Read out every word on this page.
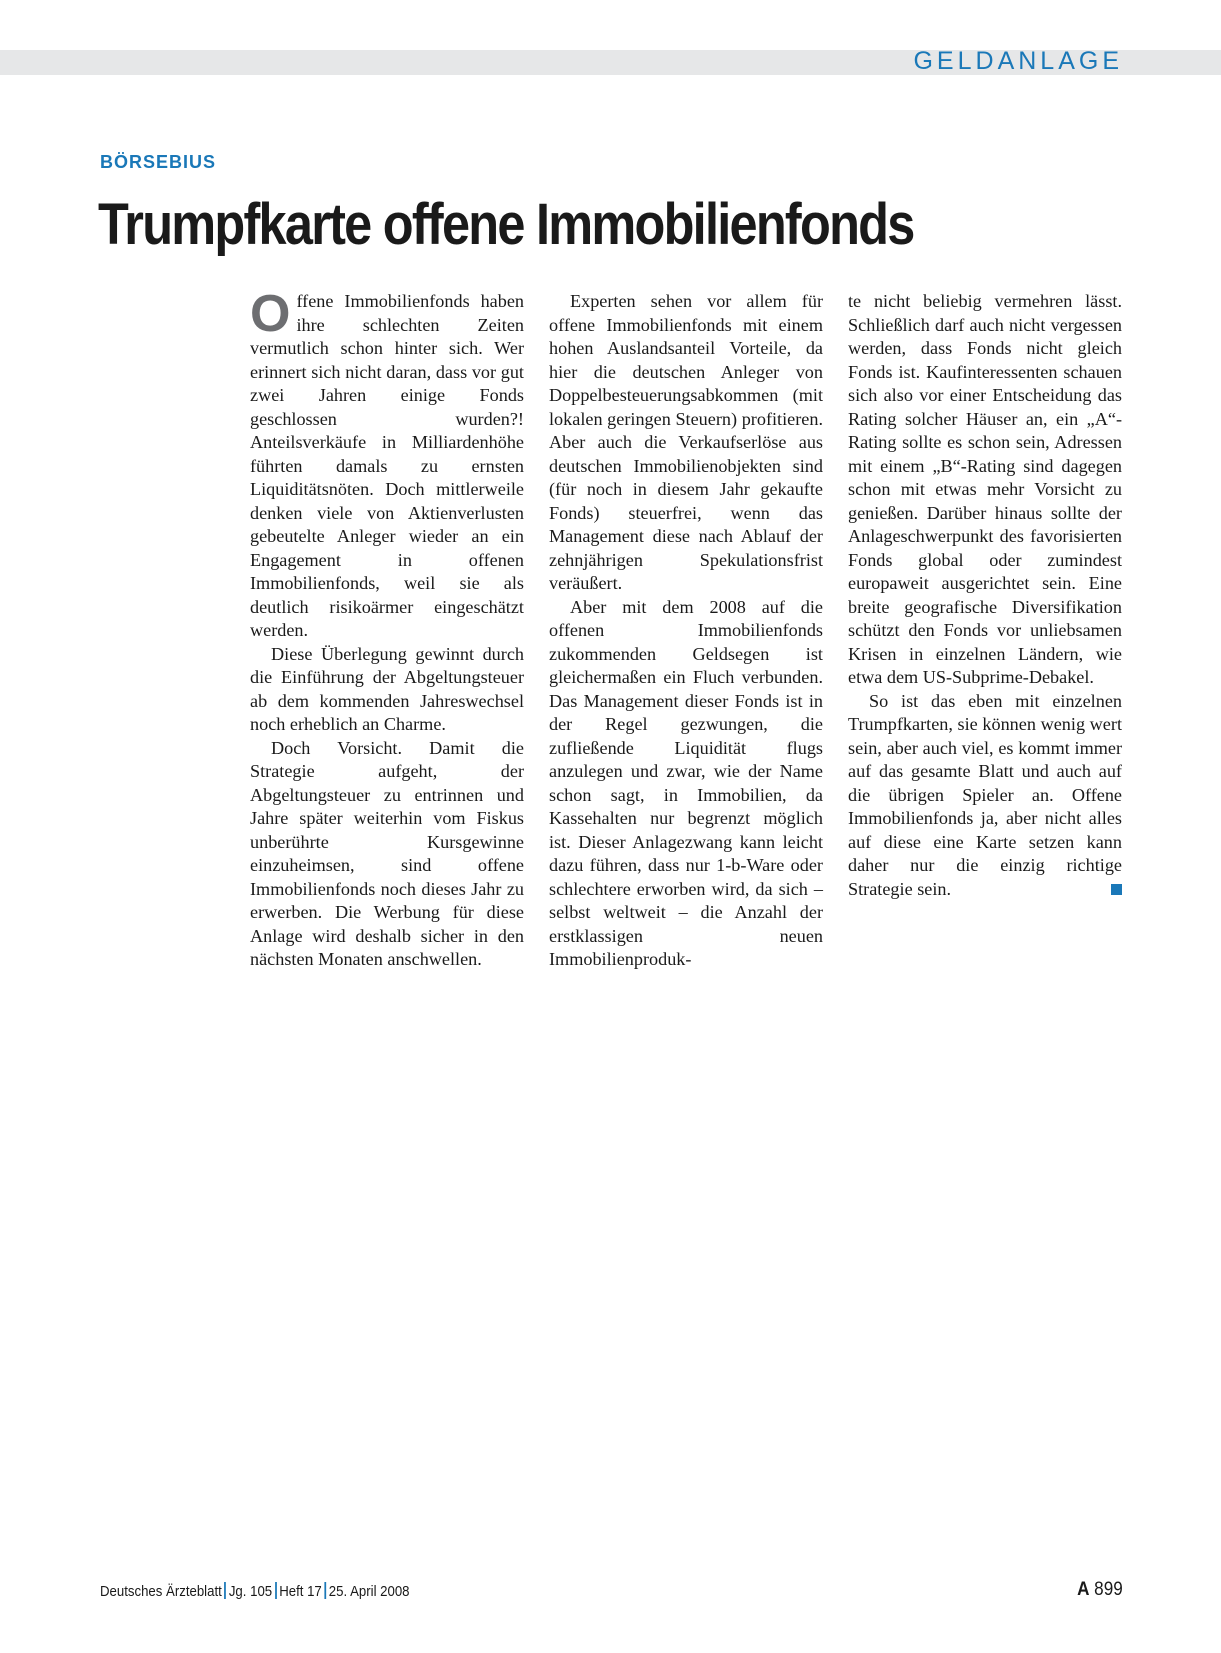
GELDANLAGE
BÖRSEBIUS
Trumpfkarte offene Immobilienfonds

Offene Immobilienfonds haben ihre schlechten Zeiten vermutlich schon hinter sich. Wer erinnert sich nicht daran, dass vor gut zwei Jahren einige Fonds geschlossen wurden?! Anteilsverkäufe in Milliardenhöhe führten damals zu ernsten Liquiditätsnöten. Doch mittlerweile denken viele von Aktienverlusten gebeutelte Anleger wieder an ein Engagement in offenen Immobilienfonds, weil sie als deutlich risikoärmer eingeschätzt werden.

Diese Überlegung gewinnt durch die Einführung der Abgeltungsteuer ab dem kommenden Jahreswechsel noch erheblich an Charme.

Doch Vorsicht. Damit die Strategie aufgeht, der Abgeltungsteuer zu entrinnen und Jahre später weiterhin vom Fiskus unberührte Kursgewinne einzuheimsen, sind offene Immobilienfonds noch dieses Jahr zu erwerben. Die Werbung für diese Anlage wird deshalb sicher in den nächsten Monaten anschwellen.

Experten sehen vor allem für offene Immobilienfonds mit einem hohen Auslandsanteil Vorteile, da hier die deutschen Anleger von Doppelbesteuerungsabkommen (mit lokalen geringen Steuern) profitieren. Aber auch die Verkaufserlöse aus deutschen Immobilienobjekten sind (für noch in diesem Jahr gekaufte Fonds) steuerfrei, wenn das Management diese nach Ablauf der zehnjährigen Spekulationsfrist veräußert.

Aber mit dem 2008 auf die offenen Immobilienfonds zukommenden Geldsegen ist gleichermaßen ein Fluch verbunden. Das Management dieser Fonds ist in der Regel gezwungen, die zufließende Liquidität flugs anzulegen und zwar, wie der Name schon sagt, in Immobilien, da Kassehalten nur begrenzt möglich ist. Dieser Anlagezwang kann leicht dazu führen, dass nur 1-b-Ware oder schlechtere erworben wird, da sich – selbst weltweit – die Anzahl der erstklassigen neuen Immobilienproduk-

te nicht beliebig vermehren lässt. Schließlich darf auch nicht vergessen werden, dass Fonds nicht gleich Fonds ist. Kaufinteressenten schauen sich also vor einer Entscheidung das Rating solcher Häuser an, ein „A“-Rating sollte es schon sein, Adressen mit einem „B“-Rating sind dagegen schon mit etwas mehr Vorsicht zu genießen. Darüber hinaus sollte der Anlageschwerpunkt des favorisierten Fonds global oder zumindest europaweit ausgerichtet sein. Eine breite geografische Diversifikation schützt den Fonds vor unliebsamen Krisen in einzelnen Ländern, wie etwa dem US-Subprime-Debakel.

So ist das eben mit einzelnen Trumpfkarten, sie können wenig wert sein, aber auch viel, es kommt immer auf das gesamte Blatt und auch auf die übrigen Spieler an. Offene Immobilienfonds ja, aber nicht alles auf diese eine Karte setzen kann daher nur die einzig richtige Strategie sein.

Deutsches Ärzteblatt Jg. 105 Heft 17 25. April 2008	A 899
